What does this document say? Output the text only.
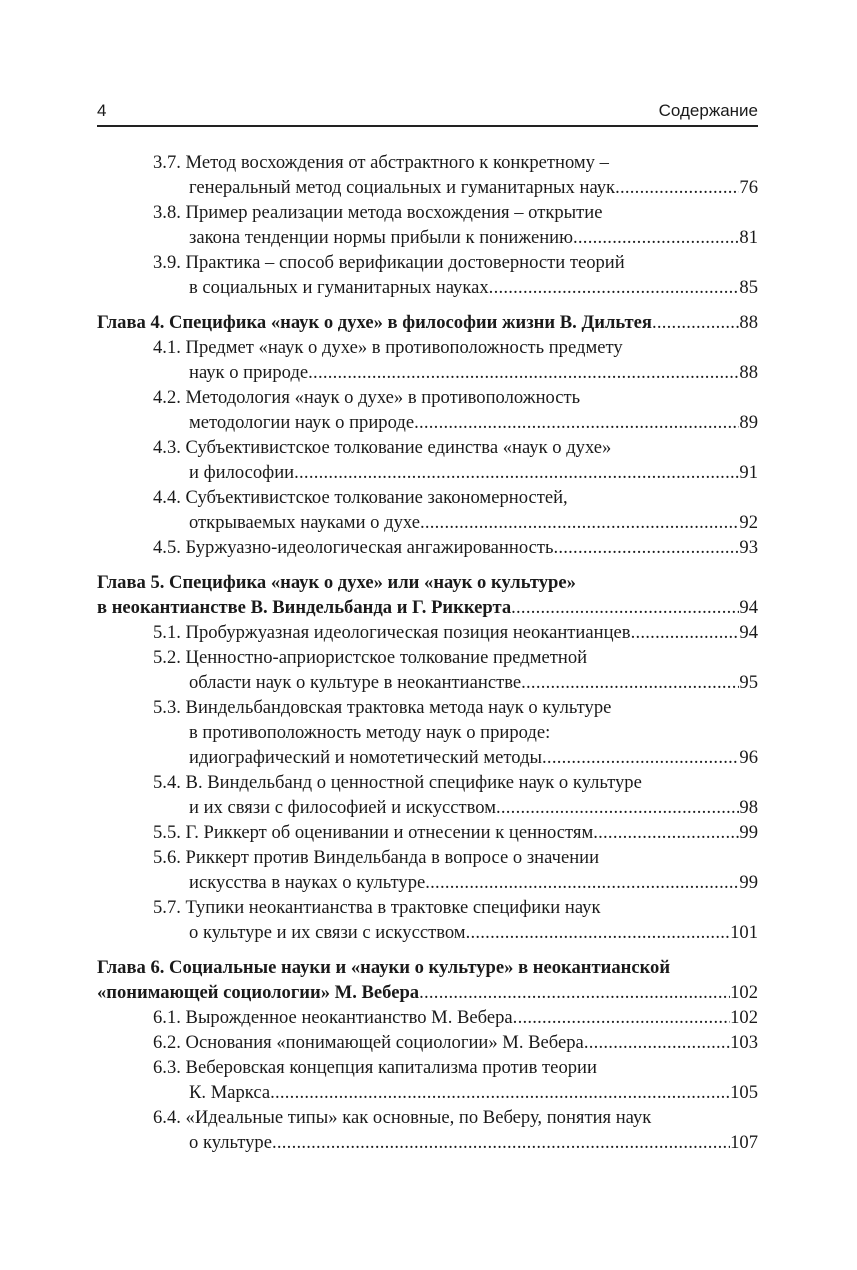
4	Содержание
3.7. Метод восхождения от абстрактного к конкретному –
генеральный метод социальных и гуманитарных наук . . .	76
3.8. Пример реализации метода восхождения – открытие
закона тенденции нормы прибыли к понижению . . .	81
3.9. Практика – способ верификации достоверности теорий
в социальных и гуманитарных науках . . .	85
Глава 4. Специфика «наук о духе» в философии жизни В. Дильтея . . .	88
4.1. Предмет «наук о духе» в противоположность предмету
наук о природе . . .	88
4.2. Методология «наук о духе» в противоположность
методологии наук о природе . . .	89
4.3. Субъективистское толкование единства «наук о духе»
и философии . . .	91
4.4. Субъективистское толкование закономерностей,
открываемых науками о духе . . .	92
4.5. Буржуазно-идеологическая ангажированность . . .	93
Глава 5. Специфика «наук о духе» или «наук о культуре»
в неокантианстве В. Виндельбанда и Г. Риккерта . . .	94
5.1. Пробуржуазная идеологическая позиция неокантианцев . . .	94
5.2. Ценностно-априористское толкование предметной
области наук о культуре в неокантианстве . . .	95
5.3. Виндельбандовская трактовка метода наук о культуре
в противоположность методу наук о природе:
идиографический и номотетический методы . . .	96
5.4. В. Виндельбанд о ценностной специфике наук о культуре
и их связи с философией и искусством . . .	98
5.5. Г. Риккерт об оценивании и отнесении к ценностям . . .	99
5.6. Риккерт против Виндельбанда в вопросе о значении
искусства в науках о культуре . . .	99
5.7. Тупики неокантианства в трактовке специфики наук
о культуре и их связи с искусством . . .	101
Глава 6. Социальные науки и «науки о культуре» в неокантианской
«понимающей социологии» М. Вебера . . .	102
6.1. Вырожденное неокантианство М. Вебера . . .	102
6.2. Основания «понимающей социологии» М. Вебера . . .	103
6.3. Веберовская концепция капитализма против теории
К. Маркса . . .	105
6.4. «Идеальные типы» как основные, по Веберу, понятия наук
о культуре . . .	107
